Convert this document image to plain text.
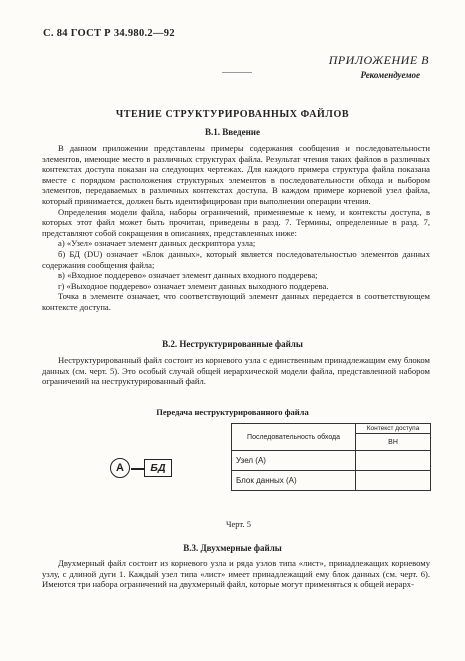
С. 84 ГОСТ Р 34.980.2—92
ПРИЛОЖЕНИЕ В
Рекомендуемое
ЧТЕНИЕ СТРУКТУРИРОВАННЫХ ФАЙЛОВ
В.1. Введение

В данном приложении представлены примеры содержания сообщения и последовательности элементов, имеющие место в различных структурах файла. Результат чтения таких файлов в различных контекстах доступа показан на следующих чертежах. Для каждого примера структура файла показана вместе с порядком расположения структурных элементов в последовательности обхода и выбором элементов, передаваемых в различных контекстах доступа. В каждом примере корневой узел файла, который принимается, должен быть идентифицирован при выполнении операции чтения.

Определения модели файла, наборы ограничений, применяемые к нему, и контексты доступа, в которых этот файл может быть прочитан, приведены в разд. 7. Термины, определенные в разд. 7, представляют собой сокращения в описаниях, представленных ниже:

а) «Узел» означает элемент данных дескриптора узла;

б) БД (DU) означает «Блок данных», который является последовательностью элементов данных содержания сообщения файла;

в) «Входное поддерево» означает элемент данных входного поддерева;

г) «Выходное поддерево» означает элемент данных выходного поддерева.

Точка в элементе означает, что соответствующий элемент данных передается в соответствующем контексте доступа.

В.2. Неструктурированные файлы

Неструктурированный файл состоит из корневого узла с единственным принадлежащим ему блоком данных (см. черт. 5). Это особый случай общей иерархической модели файла, представленной набором ограничений на неструктурированный файл.

Передача неструктурированного файла
Последовательность обхода	Контекст доступа
	ВН
Узел (А)	
Блок данных (А)	
А	БД
Черт. 5
В.3. Двухмерные файлы

Двухмерный файл состоит из корневого узла и ряда узлов типа «лист», принадлежащих корневому узлу, с длиной дуги 1. Каждый узел типа «лист» имеет принадлежащий ему блок данных (см. черт. 6). Имеются три набора ограничений на двухмерный файл, которые могут применяться к общей иерарх-
